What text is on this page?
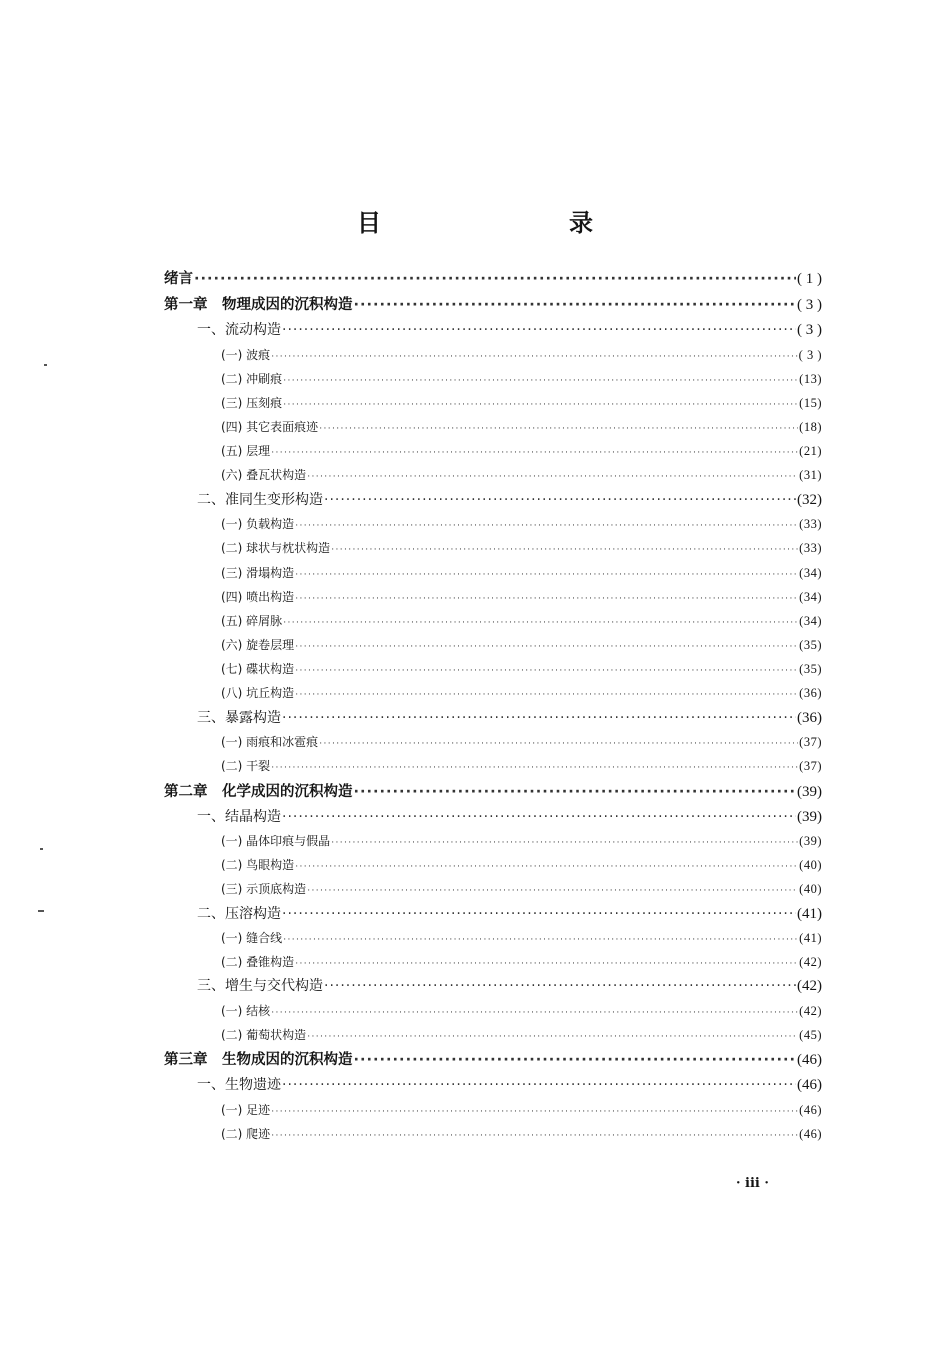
目　录
绪言 ·····	( 1 )
第一章　物理成因的沉积构造 ·····	( 3 )
一、流动构造 ·····	( 3 )
(一) 波痕 ·····	( 3 )
(二) 冲刷痕 ·····	(13)
(三) 压刻痕 ·····	(15)
(四) 其它表面痕迹 ·····	(18)
(五) 层理 ·····	(21)
(六) 叠瓦状构造 ·····	(31)
二、准同生变形构造 ·····	(32)
(一) 负载构造 ·····	(33)
(二) 球状与枕状构造 ·····	(33)
(三) 滑塌构造 ·····	(34)
(四) 喷出构造 ·····	(34)
(五) 碎屑脉 ·····	(34)
(六) 旋卷层理 ·····	(35)
(七) 碟状构造 ·····	(35)
(八) 坑丘构造 ·····	(36)
三、暴露构造 ·····	(36)
(一) 雨痕和冰雹痕 ·····	(37)
(二) 干裂 ·····	(37)
第二章　化学成因的沉积构造 ·····	(39)
一、结晶构造 ·····	(39)
(一) 晶体印痕与假晶 ·····	(39)
(二) 鸟眼构造 ·····	(40)
(三) 示顶底构造 ·····	(40)
二、压溶构造 ·····	(41)
(一) 缝合线 ·····	(41)
(二) 叠锥构造 ·····	(42)
三、增生与交代构造 ·····	(42)
(一) 结核 ·····	(42)
(二) 葡萄状构造 ·····	(45)
第三章　生物成因的沉积构造 ·····	(46)
一、生物遗迹 ·····	(46)
(一) 足迹 ·····	(46)
(二) 爬迹 ·····	(46)
· iii ·
